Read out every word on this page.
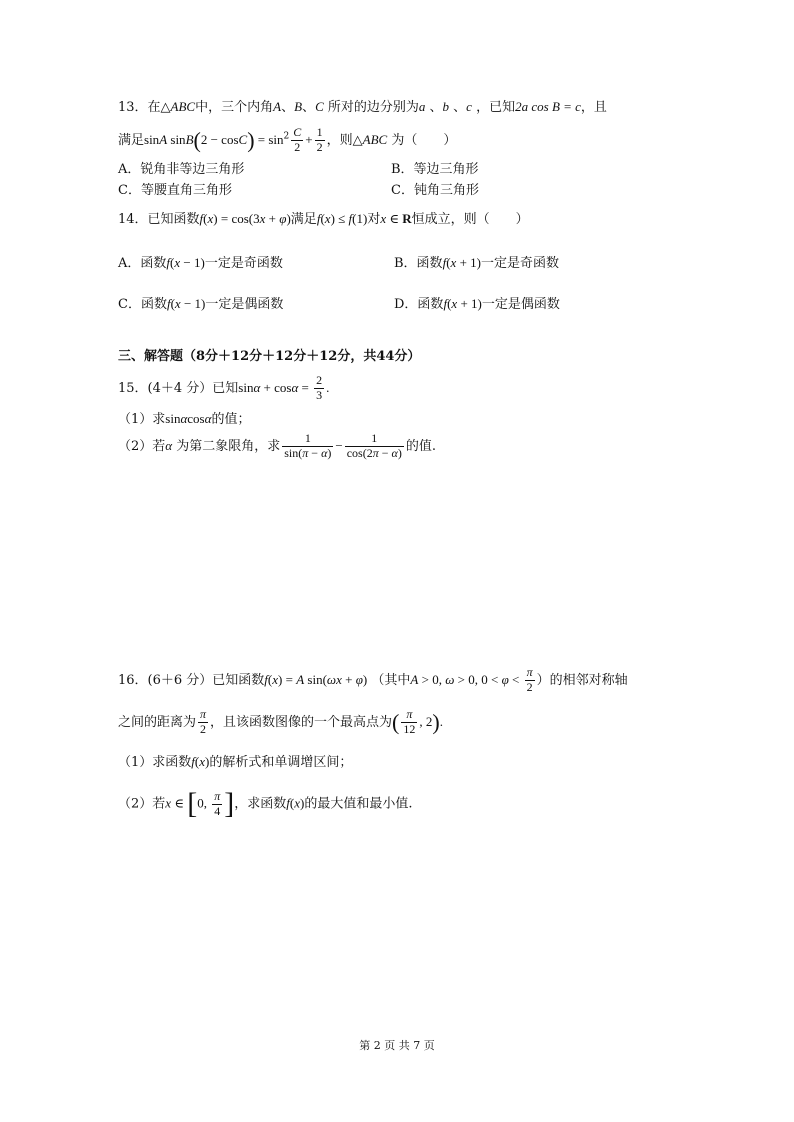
13．在△ABC中，三个内角A、B、C 所对的边分别为a 、b 、c ，已知2a cos B = c，且
满足sinA $\sin B(2 - \cos C) = \sin^2 \frac{C}{2} + \frac{1}{2}$ ，则△ABC 为（　　）
A．锐角非等边三角形	B．等边三角形
C．等腰直角三角形	C．钝角三角形
14．已知函数f(x) = cos(3x + φ)满足f(x) ≤ f(1)对x ∈ R恒成立，则（　　）
A．函数f(x − 1)一定是奇函数	B．函数f(x + 1)一定是奇函数
C．函数f(x − 1)一定是偶函数	D．函数f(x + 1)一定是偶函数
三、解答题（8分＋12分＋12分＋12分，共44分）
15．(4＋4 分）已知$\sin\alpha + \cos\alpha = \frac{2}{3}$ .
（1）求sinαcosα的值；
（2）若α 为第二象限角，求 $\frac{1}{\sin(\pi - \alpha)} - \frac{1}{\cos(2\pi - \alpha)}$ 的值.
16．(6＋6 分）已知函数f(x) = A sin(ωx + φ) （其中A > 0, ω > 0, $0 < \varphi < \frac{\pi}{2}$ ）的相邻对称轴
之间的距离为 $\frac{\pi}{2}$ ，且该函数图像的一个最高点为( $\frac{\pi}{12}$ , 2).
（1）求函数f(x)的解析式和单调增区间；
（2）若x ∈ [0, $\frac{\pi}{4}$ ]，求函数f(x)的最大值和最小值.
第 2 页 共 7 页
